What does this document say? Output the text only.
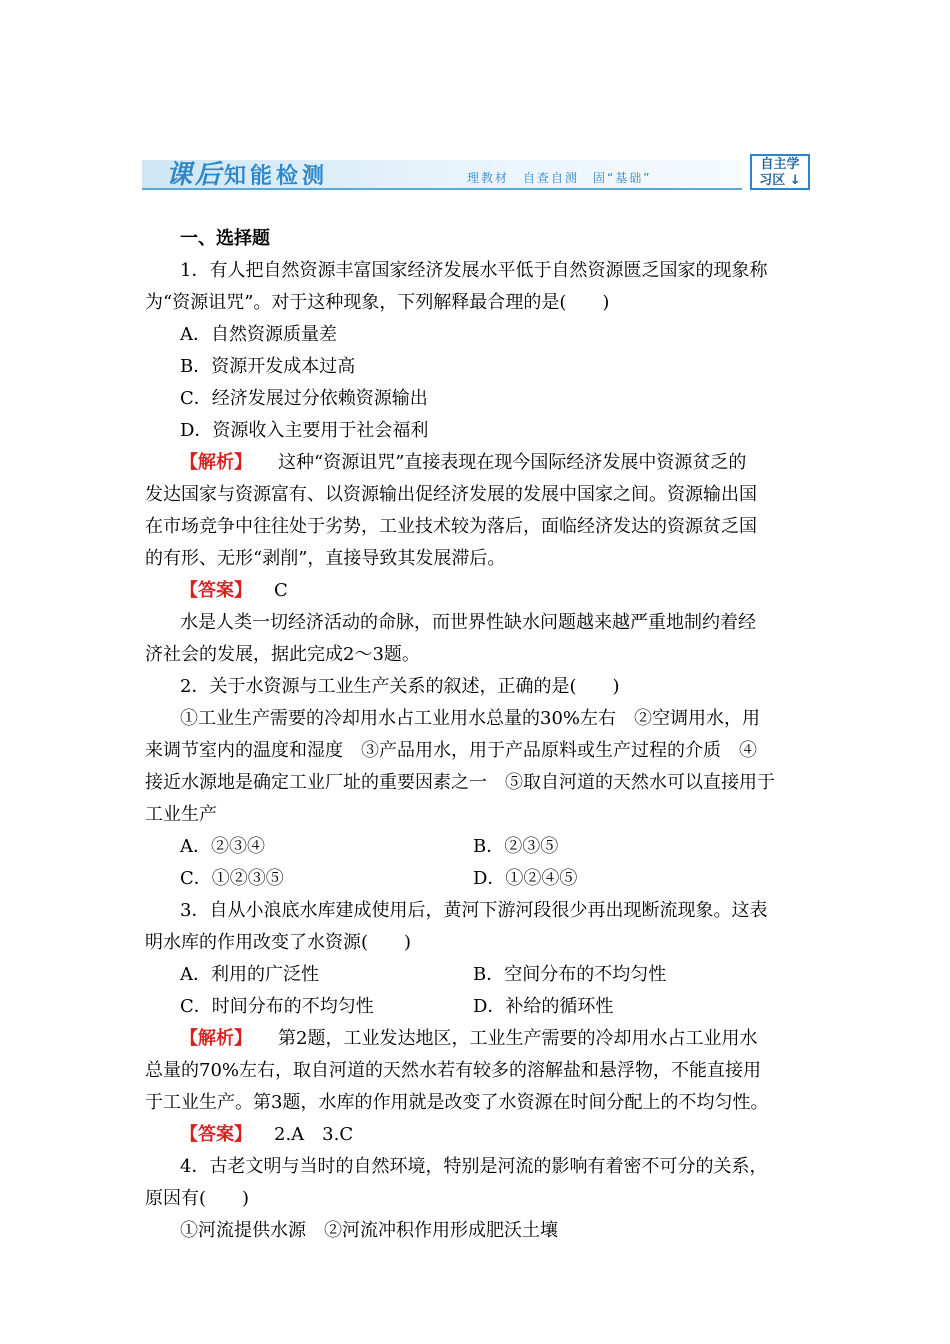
课后知能检测	理教材　自查自测　固“基础”
自主学
习区 ↓
一、选择题
1．有人把自然资源丰富国家经济发展水平低于自然资源匮乏国家的现象称
为“资源诅咒”。对于这种现象，下列解释最合理的是(　　)
A．自然资源质量差
B．资源开发成本过高
C．经济发展过分依赖资源输出
D．资源收入主要用于社会福利
【解析】 这种“资源诅咒”直接表现在现今国际经济发展中资源贫乏的
发达国家与资源富有、以资源输出促经济发展的发展中国家之间。资源输出国
在市场竞争中往往处于劣势，工业技术较为落后，面临经济发达的资源贫乏国
的有形、无形“剥削”，直接导致其发展滞后。
【答案】 C
水是人类一切经济活动的命脉，而世界性缺水问题越来越严重地制约着经
济社会的发展，据此完成2～3题。
2．关于水资源与工业生产关系的叙述，正确的是(　　)
①工业生产需要的冷却用水占工业用水总量的30%左右　②空调用水，用
来调节室内的温度和湿度　③产品用水，用于产品原料或生产过程的介质　④
接近水源地是确定工业厂址的重要因素之一　⑤取自河道的天然水可以直接用于
工业生产
A．②③④	B．②③⑤
C．①②③⑤	D．①②④⑤
3．自从小浪底水库建成使用后，黄河下游河段很少再出现断流现象。这表
明水库的作用改变了水资源(　　)
A．利用的广泛性	B．空间分布的不均匀性
C．时间分布的不均匀性	D．补给的循环性
【解析】 第2题，工业发达地区，工业生产需要的冷却用水占工业用水
总量的70%左右，取自河道的天然水若有较多的溶解盐和悬浮物，不能直接用
于工业生产。第3题，水库的作用就是改变了水资源在时间分配上的不均匀性。
【答案】 2.A　3.C
4．古老文明与当时的自然环境，特别是河流的影响有着密不可分的关系，
原因有(　　)
①河流提供水源　②河流冲积作用形成肥沃土壤
